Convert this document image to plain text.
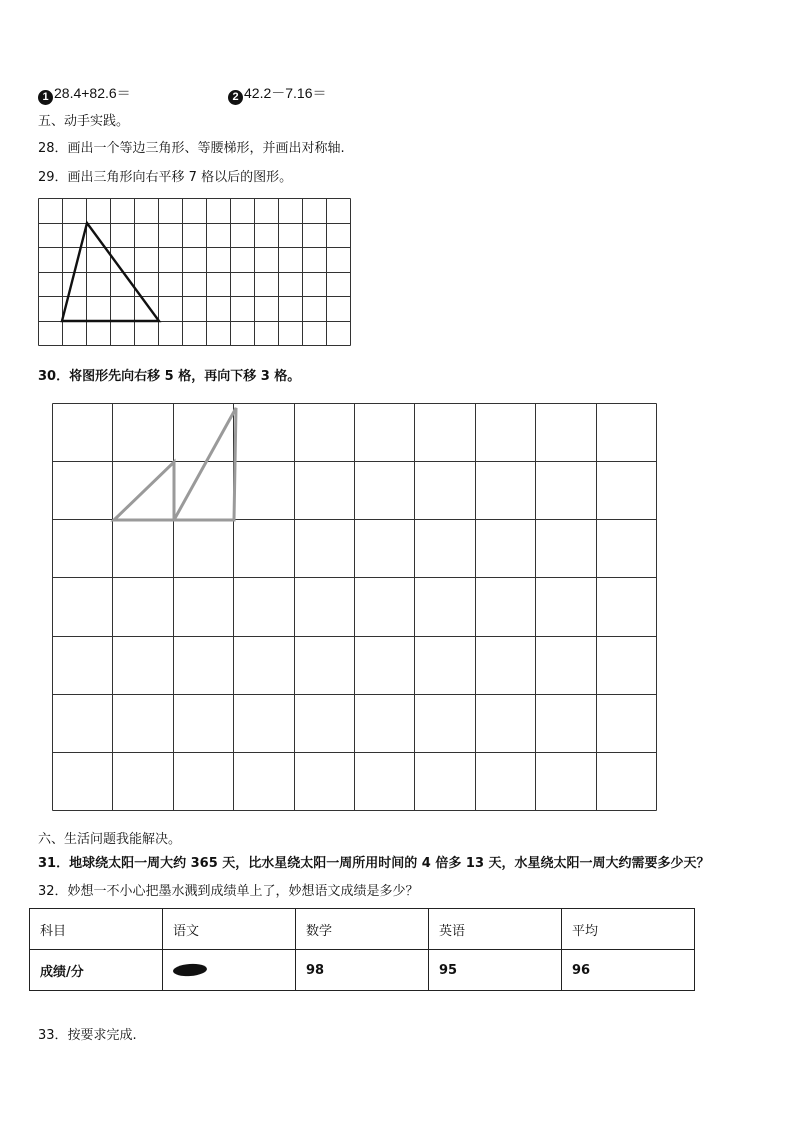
1 28.4+82.6＝	2 42.2－7.16＝
五、动手实践。
28．画出一个等边三角形、等腰梯形，并画出对称轴.
29．画出三角形向右平移 7 格以后的图形。
30．将图形先向右移 5 格，再向下移 3 格。
六、生活问题我能解决。
31．地球绕太阳一周大约 365 天，比水星绕太阳一周所用时间的 4 倍多 13 天，水星绕太阳一周大约需要多少天？
32．妙想一不小心把墨水溅到成绩单上了，妙想语文成绩是多少？
科目	语文	数学	英语	平均
成绩/分		98	95	96
33．按要求完成.
